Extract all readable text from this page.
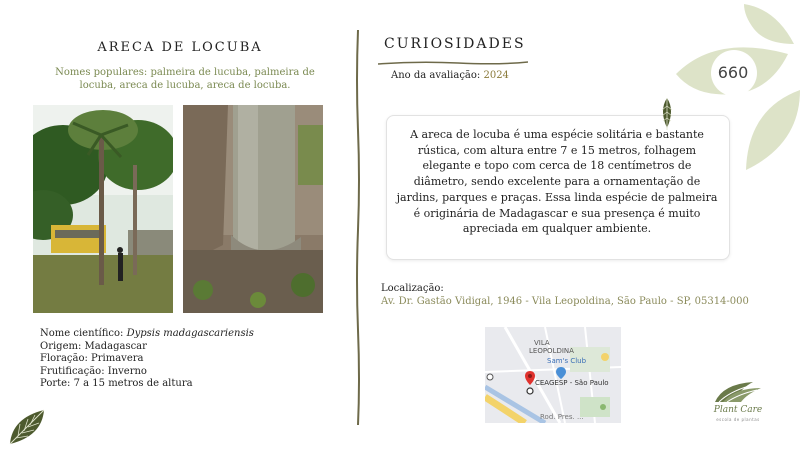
ARECA DE LOCUBA
Nomes populares: palmeira de lucuba, palmeira de locuba, areca de lucuba, areca de locuba.
Nome científico: Dypsis madagascariensis
Origem: Madagascar
Floração: Primavera
Frutificação: Inverno
Porte: 7 a 15 metros de altura
CURIOSIDADES
Ano da avaliação: 2024
A areca de locuba é uma espécie solitária e bastante rústica, com altura entre 7 e 15 metros, folhagem elegante e topo com cerca de 18 centímetros de diâmetro, sendo excelente para a ornamentação de jardins, parques e praças. Essa linda espécie de palmeira é originária de Madagascar e sua presença é muito apreciada em qualquer ambiente.
Localização:
Av. Dr. Gastão Vidigal, 1946 - Vila Leopoldina, São Paulo - SP, 05314-000
VILA
LEOPOLDINA
Sam's Club
CEAGESP - São Paulo
Rod. Pres. ...
660
Plant Care
escola de plantas
